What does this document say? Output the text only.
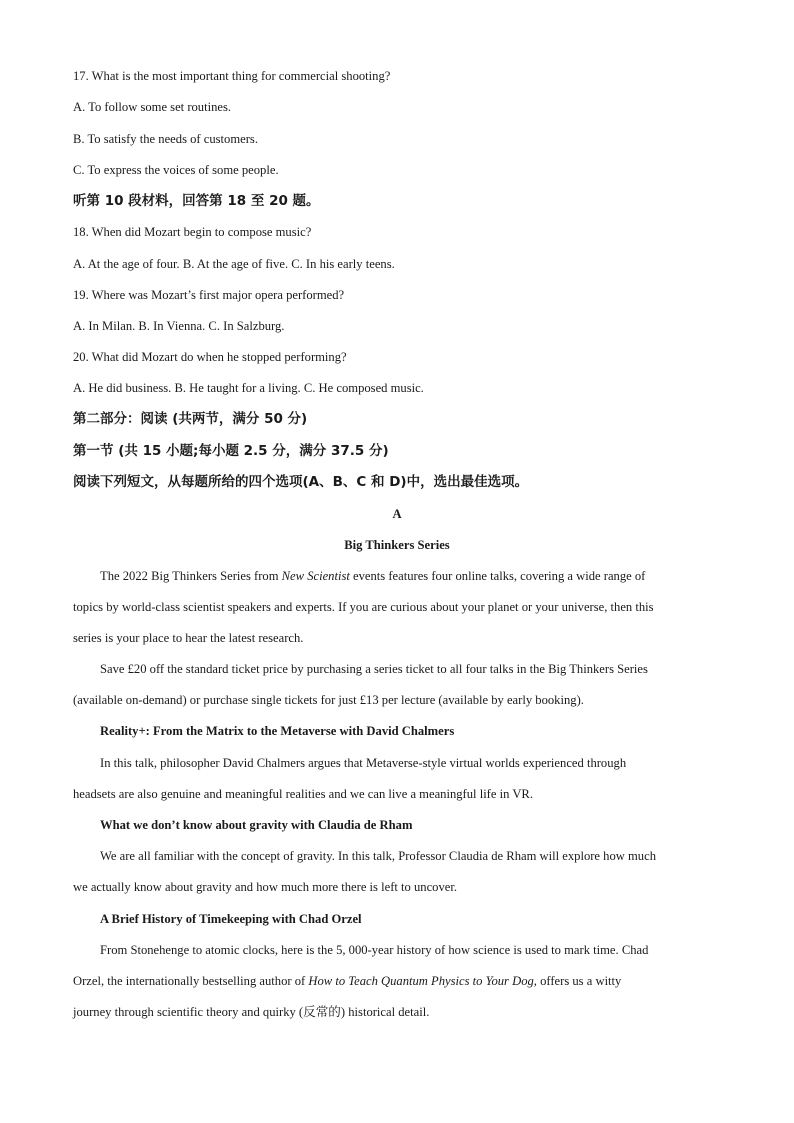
17. What is the most important thing for commercial shooting?
A. To follow some set routines.
B. To satisfy the needs of customers.
C. To express the voices of some people.
听第 10 段材料，回答第 18 至 20 题。
18. When did Mozart begin to compose music?
A. At the age of four. B. At the age of five. C. In his early teens.
19. Where was Mozart’s first major opera performed?
A. In Milan. B. In Vienna. C. In Salzburg.
20. What did Mozart do when he stopped performing?
A. He did business. B. He taught for a living. C. He composed music.
第二部分：阅读 (共两节，满分 50 分)
第一节 (共 15 小题;每小题 2.5 分，满分 37.5 分)
阅读下列短文，从每题所给的四个选项(A、B、C 和 D)中，选出最佳选项。
A
Big Thinkers Series
The 2022 Big Thinkers Series from New Scientist events features four online talks, covering a wide range of
topics by world-class scientist speakers and experts. If you are curious about your planet or your universe, then this
series is your place to hear the latest research.
Save £20 off the standard ticket price by purchasing a series ticket to all four talks in the Big Thinkers Series
(available on-demand) or purchase single tickets for just £13 per lecture (available by early booking).
Reality+: From the Matrix to the Metaverse with David Chalmers
In this talk, philosopher David Chalmers argues that Metaverse-style virtual worlds experienced through
headsets are also genuine and meaningful realities and we can live a meaningful life in VR.
What we don’t know about gravity with Claudia de Rham
We are all familiar with the concept of gravity. In this talk, Professor Claudia de Rham will explore how much
we actually know about gravity and how much more there is left to uncover.
A Brief History of Timekeeping with Chad Orzel
From Stonehenge to atomic clocks, here is the 5, 000-year history of how science is used to mark time. Chad
Orzel, the internationally bestselling author of How to Teach Quantum Physics to Your Dog, offers us a witty
journey through scientific theory and quirky (反常的) historical detail.
